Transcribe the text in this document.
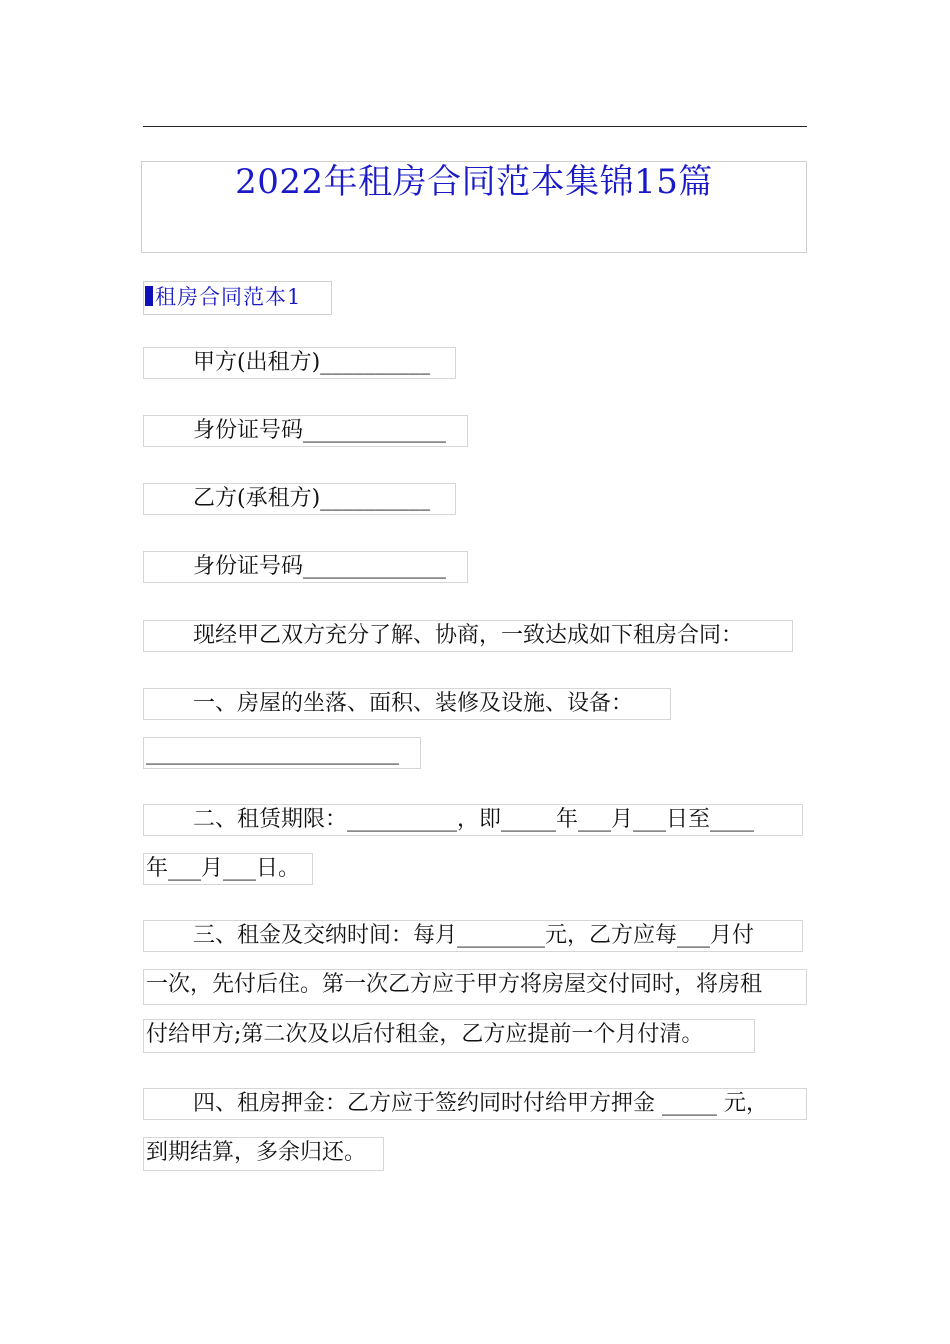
2022年租房合同范本集锦15篇
租房合同范本1
甲方(出租方)__________
身份证号码_____________
乙方(承租方)__________
身份证号码_____________
现经甲乙双方充分了解、协商，一致达成如下租房合同：
一、房屋的坐落、面积、装修及设施、设备：
_______________________
二、租赁期限：__________，即_____年___月___日至____
年___月___日。
三、租金及交纳时间：每月________元，乙方应每___月付
一次，先付后住。第一次乙方应于甲方将房屋交付同时，将房租
付给甲方;第二次及以后付租金，乙方应提前一个月付清。
四、租房押金：乙方应于签约同时付给甲方押金 _____ 元，
到期结算，多余归还。
